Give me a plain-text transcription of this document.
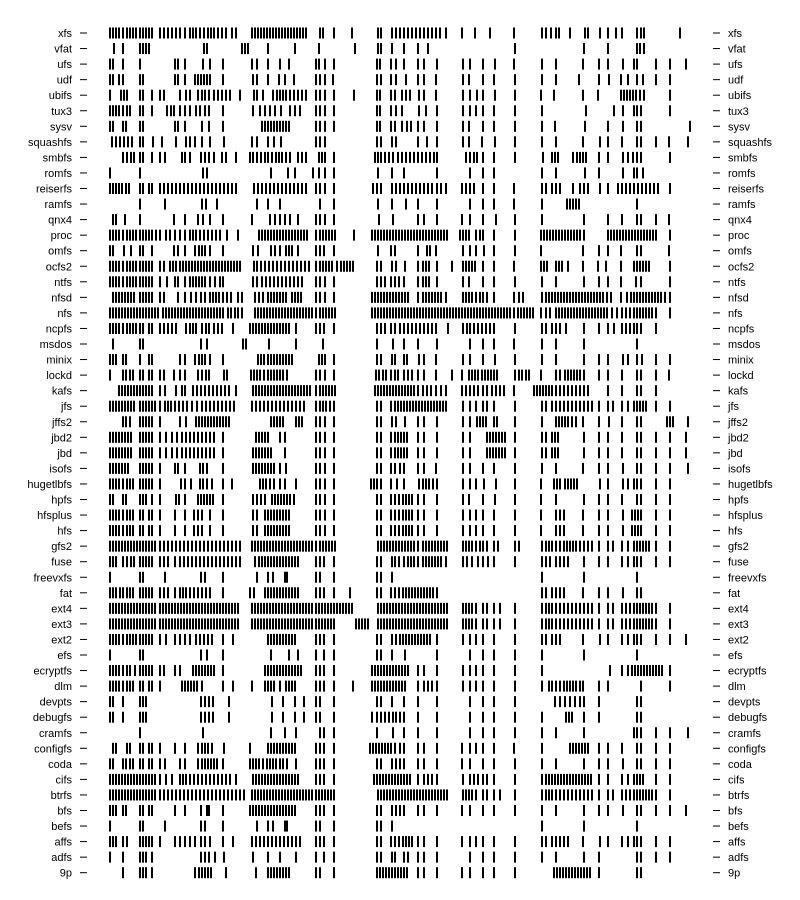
xfs
vfat
ufs
udf
ubifs
tux3
sysv
squashfs
smbfs
romfs
reiserfs
ramfs
qnx4
proc
omfs
ocfs2
ntfs
nfsd
nfs
ncpfs
msdos
minix
lockd
kafs
jfs
jffs2
jbd2
jbd
isofs
hugetlbfs
hpfs
hfsplus
hfs
gfs2
fuse
freevxfs
fat
ext4
ext3
ext2
efs
ecryptfs
dlm
devpts
debugfs
cramfs
configfs
coda
cifs
btrfs
bfs
befs
affs
adfs
9p
xfs
vfat
ufs
udf
ubifs
tux3
sysv
squashfs
smbfs
romfs
reiserfs
ramfs
qnx4
proc
omfs
ocfs2
ntfs
nfsd
nfs
ncpfs
msdos
minix
lockd
kafs
jfs
jffs2
jbd2
jbd
isofs
hugetlbfs
hpfs
hfsplus
hfs
gfs2
fuse
freevxfs
fat
ext4
ext3
ext2
efs
ecryptfs
dlm
devpts
debugfs
cramfs
configfs
coda
cifs
btrfs
bfs
befs
affs
adfs
9p
